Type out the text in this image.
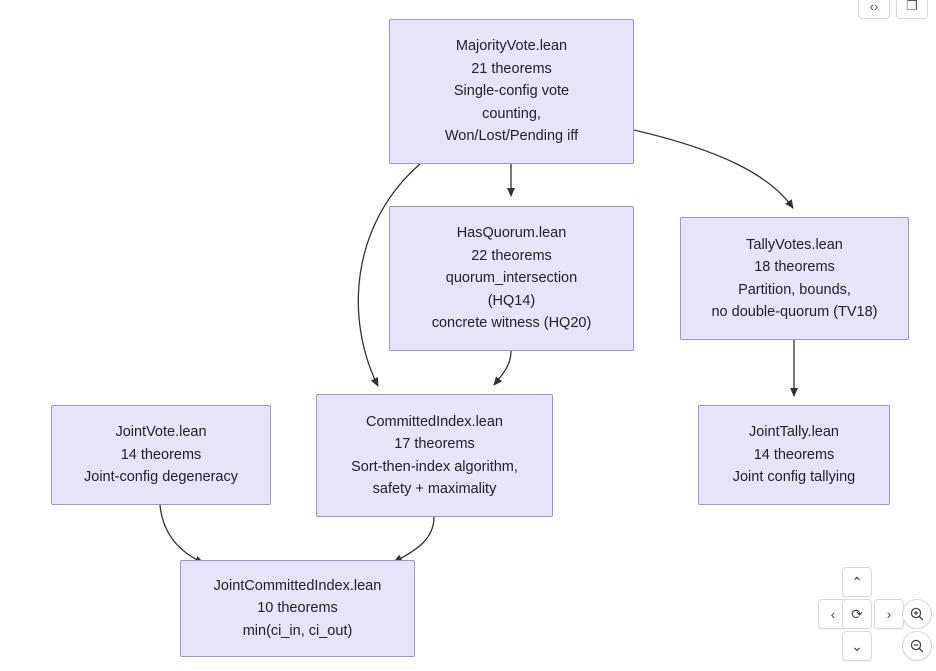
MajorityVote.lean
21 theorems
Single-config vote
counting,
Won/Lost/Pending iff
HasQuorum.lean
22 theorems
quorum_intersection
(HQ14)
concrete witness (HQ20)
TallyVotes.lean
18 theorems
Partition, bounds,
no double-quorum (TV18)
JointVote.lean
14 theorems
Joint-config degeneracy
CommittedIndex.lean
17 theorems
Sort-then-index algorithm,
safety + maximality
JointTally.lean
14 theorems
Joint config tallying
JointCommittedIndex.lean
10 theorems
min(ci_in, ci_out)
‹›	❐
⌃
‹	⟳	›
⌄
